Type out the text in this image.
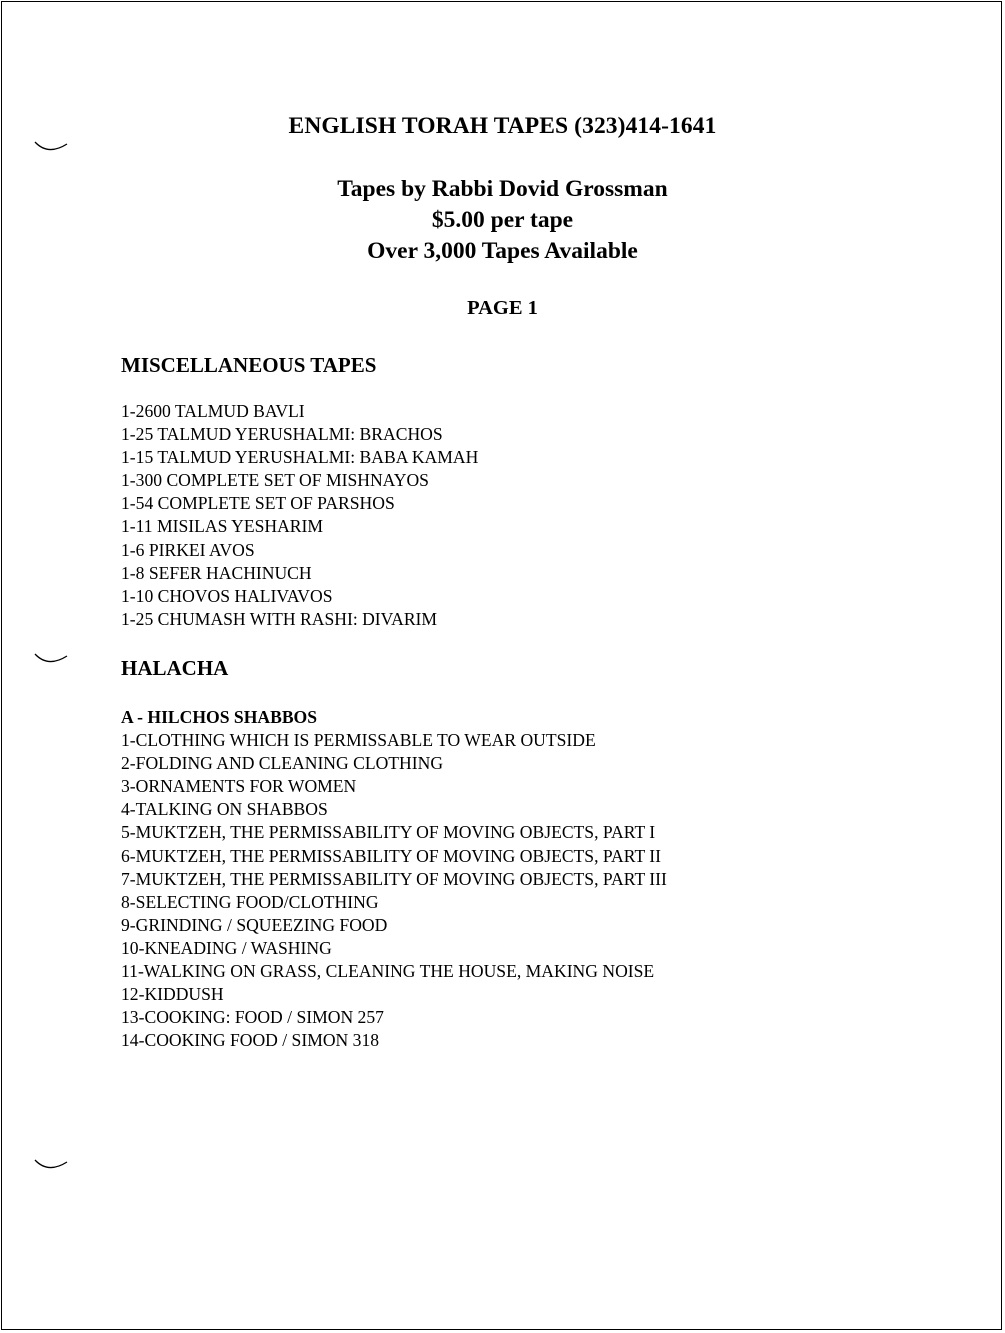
ENGLISH TORAH TAPES (323)414-1641
Tapes by Rabbi Dovid Grossman
$5.00 per tape
Over 3,000 Tapes Available
PAGE 1
MISCELLANEOUS TAPES
1-2600 TALMUD BAVLI
1-25 TALMUD YERUSHALMI: BRACHOS
1-15 TALMUD YERUSHALMI: BABA KAMAH
1-300 COMPLETE SET OF MISHNAYOS
1-54 COMPLETE SET OF PARSHOS
1-11 MISILAS YESHARIM
1-6 PIRKEI AVOS
1-8 SEFER HACHINUCH
1-10 CHOVOS HALIVAVOS
1-25 CHUMASH WITH RASHI: DIVARIM
HALACHA
A - HILCHOS SHABBOS
1-CLOTHING WHICH IS PERMISSABLE TO WEAR OUTSIDE
2-FOLDING AND CLEANING CLOTHING
3-ORNAMENTS FOR WOMEN
4-TALKING ON SHABBOS
5-MUKTZEH, THE PERMISSABILITY OF MOVING OBJECTS, PART I
6-MUKTZEH, THE PERMISSABILITY OF MOVING OBJECTS, PART II
7-MUKTZEH, THE PERMISSABILITY OF MOVING OBJECTS, PART III
8-SELECTING FOOD/CLOTHING
9-GRINDING / SQUEEZING FOOD
10-KNEADING / WASHING
11-WALKING ON GRASS, CLEANING THE HOUSE, MAKING NOISE
12-KIDDUSH
13-COOKING: FOOD / SIMON 257
14-COOKING FOOD / SIMON 318
